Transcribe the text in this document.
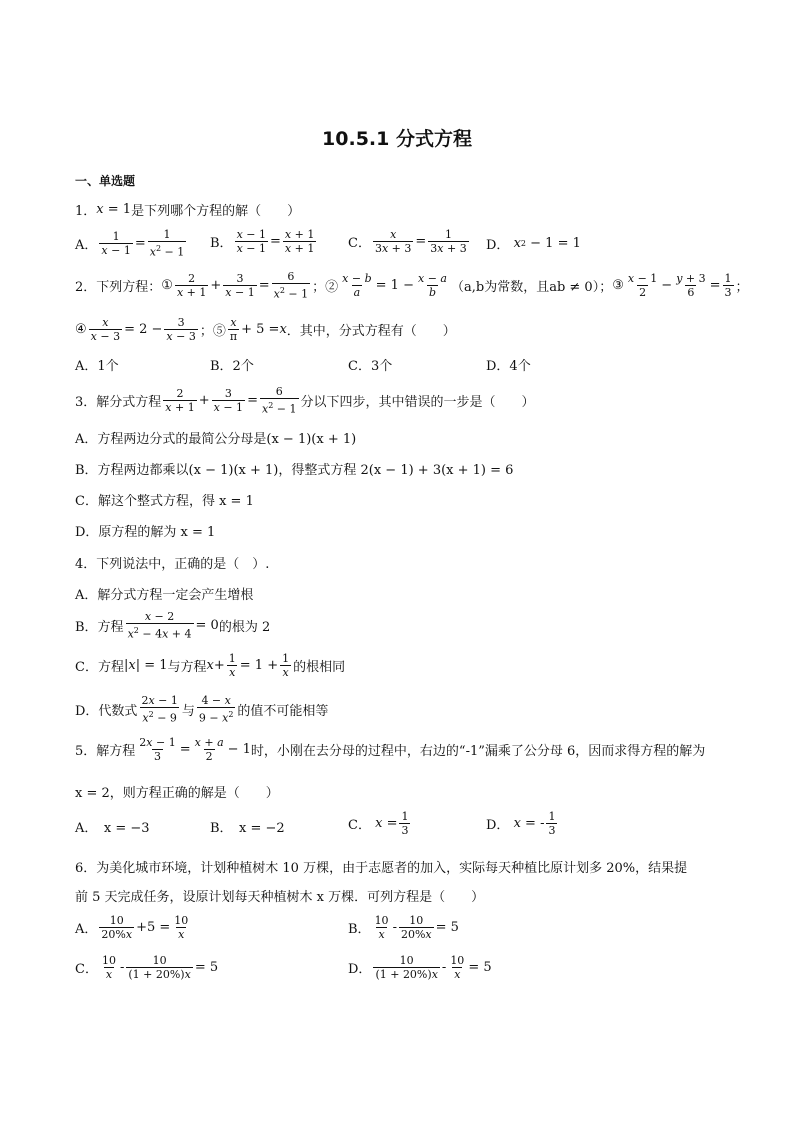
10.5.1 分式方程
一、单选题
1． x = 1 是下列哪个方程的解（　　）
A． $\frac{1}{x - 1} = \frac{1}{x^2 - 1}$ B． $\frac{x - 1}{x - 1} = \frac{x + 1}{x + 1}$ C． $\frac{x}{3x + 3} = \frac{1}{3x + 3}$ D．
x 2 − 1 = 1
2．下列方程： ① $\frac{2}{x + 1} + \frac{3}{x - 1} = \frac{6}{x^2 - 1}$ ；② $\frac{x - b}{a} = 1 - \frac{x - a}{b} (a,b$为常数，且ab ≠ 0）； ③ $\frac{x - 1}{2} - \frac{y + 3}{6} = \frac{1}{3}$ ；
④ $\frac{x}{x - 3} = 2 - \frac{3}{x - 3}$ ；⑤ $\frac{x}{\pi} + 5 = x$ ．其中，分式方程有（　　）
A．1个	B．2个	C．3个	D．4个
3．解分式方程 $\frac{2}{x + 1} + \frac{3}{x - 1} = \frac{6}{x^2 - 1}$ 分以下四步，其中错误的一步是（　　）
A．方程两边分式的最简公分母是(x − 1)(x + 1)
B．方程两边都乘以(x − 1)(x + 1)，得整式方程 2(x − 1) + 3(x + 1) = 6
C．解这个整式方程，得 x = 1
D．原方程的解为 x = 1
4．下列说法中，正确的是（　）.
A．解分式方程一定会产生增根
B．方程 $\frac{x - 2}{x^2 - 4x + 4} = 0$ 的根为 2
C．方程 | x | = 1 与方程 $x + \frac{1}{x} = 1 + \frac{1}{x}$ 的根相同
D．代数式 $\frac{2x - 1}{x^2 - 9}$ 与 $\frac{4 - x}{9 - x^2}$ 的值不可能相等
5．解方程 $\frac{2x - 1}{3} = \frac{x + a}{2} - 1$ 时，小刚在去分母的过程中，右边的“-1”漏乘了公分母 6，因而求得方程的解为
x = 2，则方程正确的解是（　　）
A．　x = −3	B．　x = −2	C．
$x = \frac{1}{3}$	D．
x = - $\frac{1}{3}$
6．为美化城市环境，计划种植树木 10 万棵，由于志愿者的加入，实际每天种植比原计划多 20%，结果提
前 5 天完成任务，设原计划每天种植树木 x 万棵．可列方程是（　　）
A． $\frac{10}{20\%x} +5 = \frac{10}{x}$	B． $\frac{10}{x} - \frac{10}{20\%x} = 5$
C． $\frac{10}{x} - \frac{10}{(1 + 20\%)x} = 5$	D． $\frac{10}{(1 + 20\%)x} - \frac{10}{x} = 5$
